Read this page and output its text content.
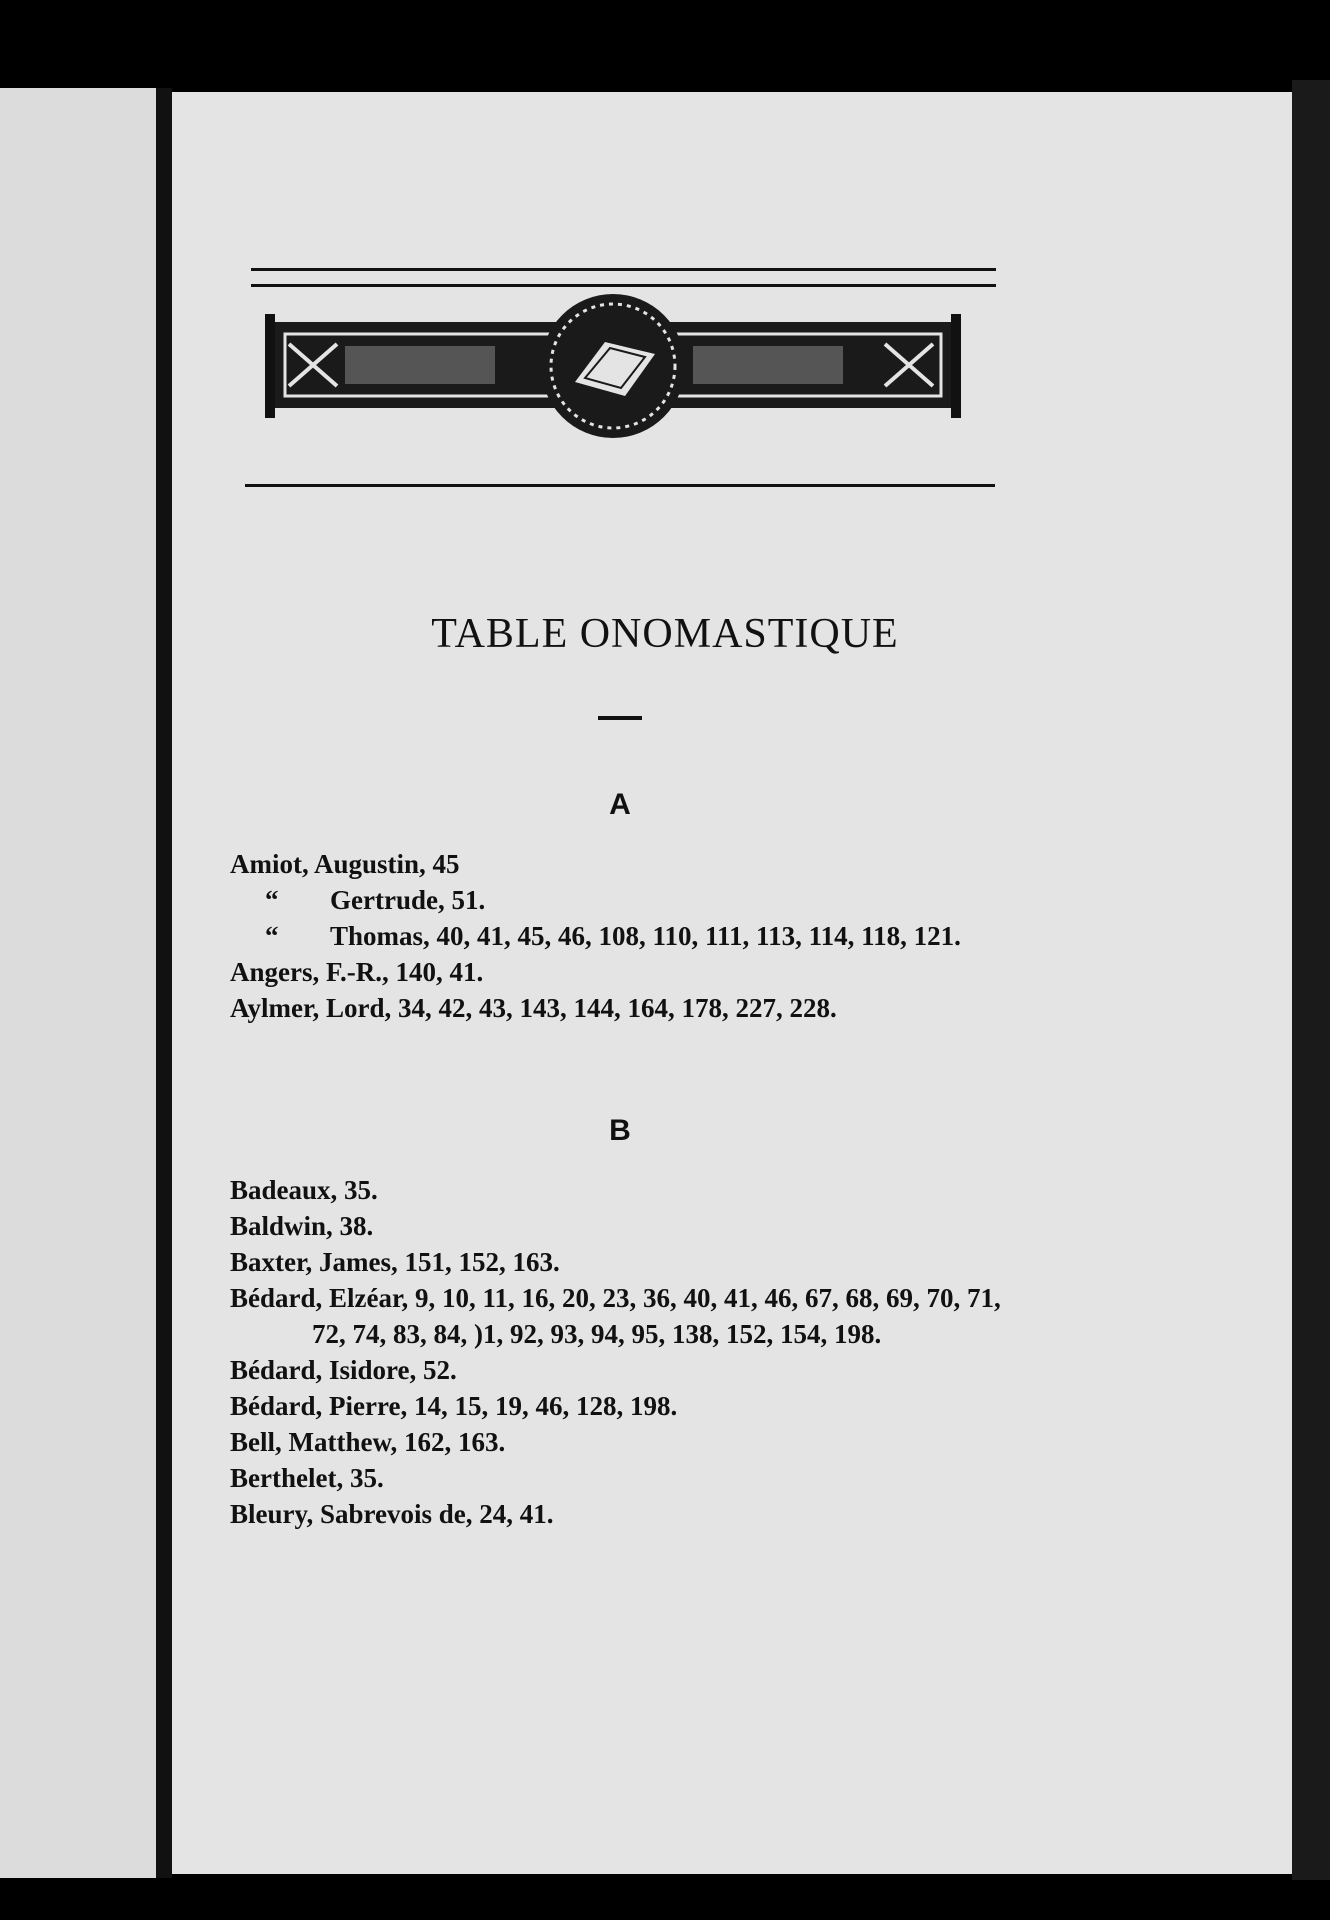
TABLE ONOMASTIQUE
A
Amiot, Augustin, 45
“ Gertrude, 51.
“	Thomas, 40, 41, 45, 46, 108, 110, 111, 113, 114, 118, 121.
Angers, F.-R., 140, 41.
Aylmer, Lord, 34, 42, 43, 143, 144, 164, 178, 227, 228.
B
Badeaux, 35.
Baldwin, 38.
Baxter, James, 151, 152, 163.
Bédard, Elzéar, 9, 10, 11, 16, 20, 23, 36, 40, 41, 46, 67, 68, 69, 70, 71, 72, 74, 83, 84, )1, 92, 93, 94, 95, 138, 152, 154, 198.
Bédard, Isidore, 52.
Bédard, Pierre, 14, 15, 19, 46, 128, 198.
Bell, Matthew, 162, 163.
Berthelet, 35.
Bleury, Sabrevois de, 24, 41.
